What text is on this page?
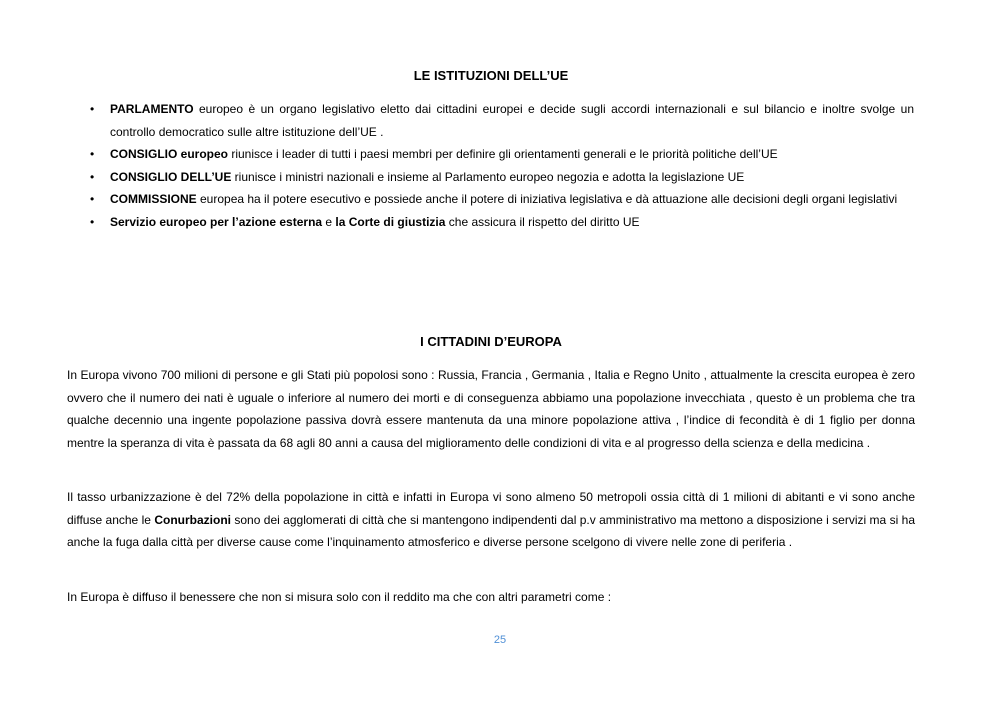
LE ISTITUZIONI DELL’UE
• PARLAMENTO europeo è un organo legislativo eletto dai cittadini europei e decide sugli accordi internazionali e sul bilancio e inoltre svolge un controllo democratico sulle altre istituzione dell’UE .
• CONSIGLIO europeo riunisce i leader di tutti i paesi membri per definire gli orientamenti generali e le priorità politiche dell’UE
• CONSIGLIO DELL’UE riunisce i ministri nazionali e insieme al Parlamento europeo negozia e adotta la legislazione UE
• COMMISSIONE europea ha il potere esecutivo e possiede anche il potere di iniziativa legislativa e dà attuazione alle decisioni degli organi legislativi
• Servizio europeo per l’azione esterna e la Corte di giustizia che assicura il rispetto del diritto UE
I CITTADINI D’EUROPA

In Europa vivono 700 milioni di persone e gli Stati più popolosi sono : Russia, Francia , Germania , Italia e Regno Unito , attualmente la crescita europea è zero ovvero che il numero dei nati è uguale o inferiore al numero dei morti e di conseguenza abbiamo una popolazione invecchiata , questo è un problema che tra qualche decennio una ingente popolazione passiva dovrà essere mantenuta da una minore popolazione attiva , l’indice di fecondità è di 1 figlio per donna mentre la speranza di vita è passata da 68 agli 80 anni a causa del miglioramento delle condizioni di vita e al progresso della scienza e della medicina .

Il tasso urbanizzazione è del 72% della popolazione in città e infatti in Europa vi sono almeno 50 metropoli ossia città di 1 milioni di abitanti e vi sono anche diffuse anche le Conurbazioni sono dei agglomerati di città che si mantengono indipendenti dal p.v amministrativo ma mettono a disposizione i servizi ma si ha anche la fuga dalla città per diverse cause come l’inquinamento atmosferico e diverse persone scelgono di vivere nelle zone di periferia .

In Europa è diffuso il benessere che non si misura solo con il reddito ma che con altri parametri come :

25
